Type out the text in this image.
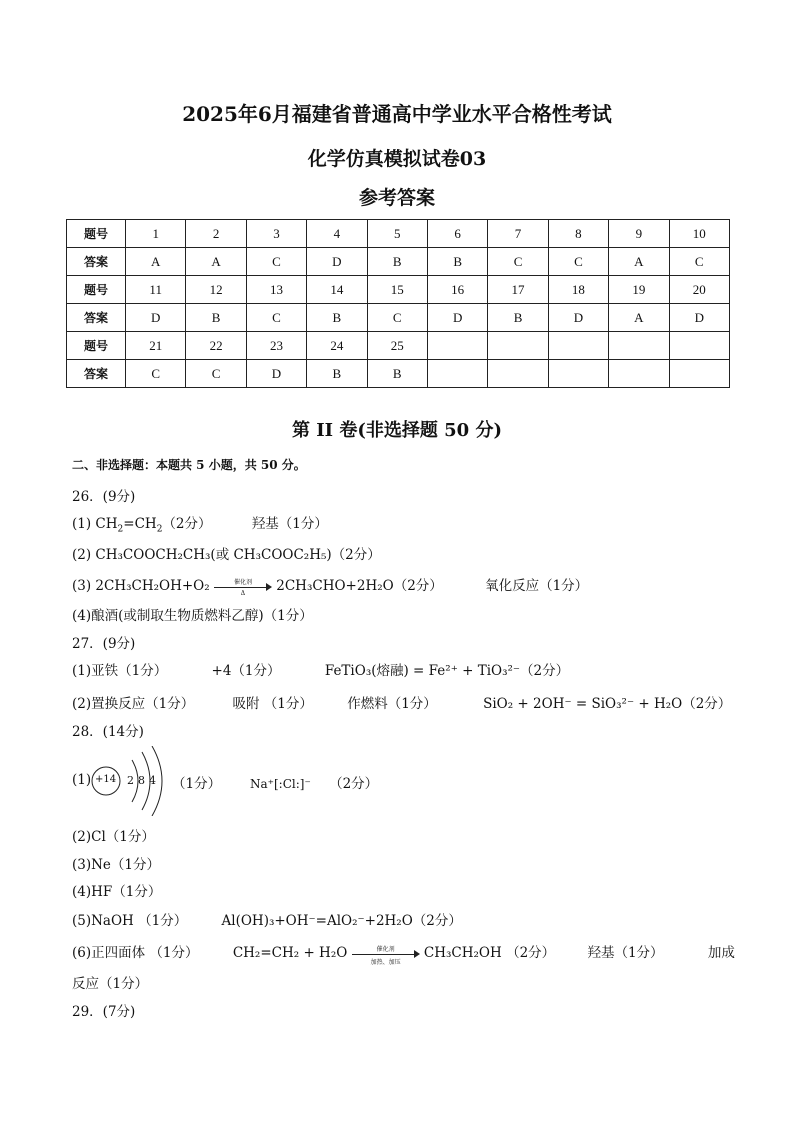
2025年6月福建省普通高中学业水平合格性考试
化学仿真模拟试卷03
参考答案
题号	1	2	3	4	5	6	7	8	9	10
答案	A	A	C	D	B	B	C	C	A	C
题号	11	12	13	14	15	16	17	18	19	20
答案	D	B	C	B	C	D	B	D	A	D
题号	21	22	23	24	25					
答案	C	C	D	B	B					
第 II 卷(非选择题 50 分)
二、非选择题：本题共 5 小题，共 50 分。
26．(9分)
(1) $CH_2=CH_2(2$分）	羟基（1分）
(2) CH₃COOCH₂CH₃(或 CH₃COOC₂H₅)（2分）
(3) 2CH₃CH₂OH+O₂	催化剂
Δ	2CH₃CHO+2H₂O（2分）	氧化反应（1分）
(4)酿酒(或制取生物质燃料乙醇)（1分）
27．(9分)
(1)亚铁（1分）	+4（1分）	FeTiO₃(熔融) = Fe²⁺ + TiO₃²⁻（2分）
(2)置换反应（1分）	吸附 （1分）	作燃料（1分）	SiO₂ + 2OH⁻ = SiO₃²⁻ + H₂O（2分）
28．(14分)
(1) +14 2 8 4 （1分） Na⁺[:Cl:]⁻ （2分）
(2)Cl（1分）
(3)Ne（1分）
(4)HF（1分）
(5)NaOH （1分）	Al(OH)₃+OH⁻=AlO₂⁻+2H₂O（2分）
(6)正四面体 （1分）	CH₂=CH₂ + H₂O	催化剂
加热、加压
CH₃CH₂OH （2分） 羟基（1分）	加成
反应（1分）
29．(7分)
